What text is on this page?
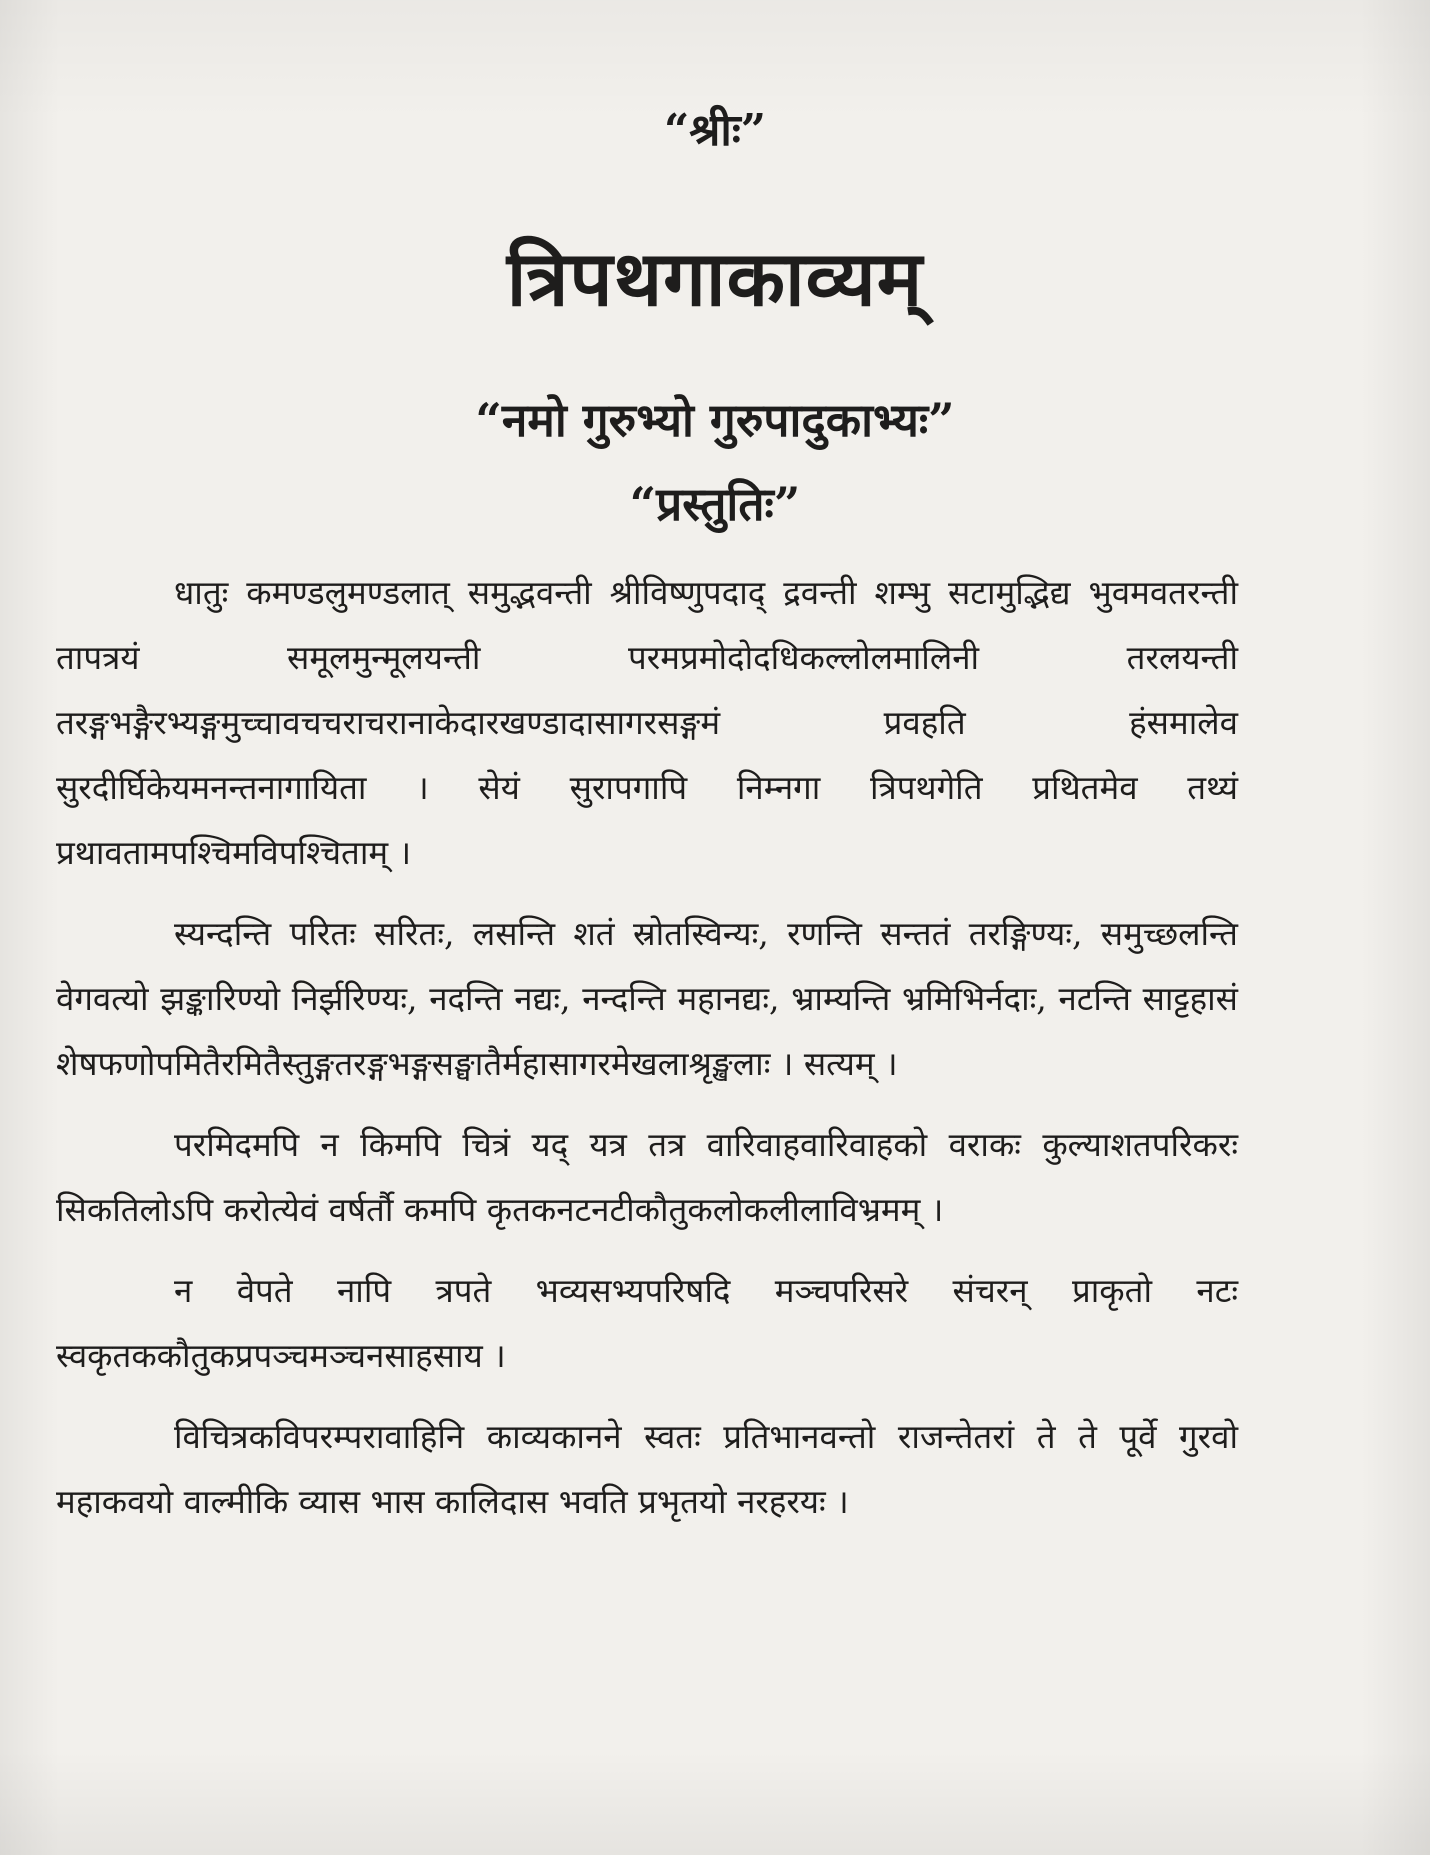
“श्रीः”
त्रिपथगाकाव्यम्
“नमो गुरुभ्यो गुरुपादुकाभ्यः”
“प्रस्तुतिः”

धातुः कमण्डलुमण्डलात् समुद्भवन्ती श्रीविष्णुपदाद् द्रवन्ती शम्भु सटामुद्भिद्य भुवमवतरन्ती तापत्रयं समूलमुन्मूलयन्ती परमप्रमोदोदधिकल्लोलमालिनी तरलयन्ती तरङ्गभङ्गैरभ्यङ्गमुच्चावचचराचरानाकेदारखण्डादासागरसङ्गमं प्रवहति हंसमालेव सुरदीर्घिकेयमनन्तनागायिता । सेयं सुरापगापि निम्नगा त्रिपथगेति प्रथितमेव तथ्यं प्रथावतामपश्चिमविपश्चिताम् ।

स्यन्दन्ति परितः सरितः, लसन्ति शतं स्रोतस्विन्यः, रणन्ति सन्ततं तरङ्गिण्यः, समुच्छलन्ति वेगवत्यो झङ्कारिण्यो निर्झरिण्यः, नदन्ति नद्यः, नन्दन्ति महानद्यः, भ्राम्यन्ति भ्रमिभिर्नदाः, नटन्ति साट्टहासं शेषफणोपमितैरमितैस्तुङ्गतरङ्गभङ्गसङ्घातैर्महासागरमेखलाश्रृङ्खलाः । सत्यम् ।

परमिदमपि न किमपि चित्रं यद् यत्र तत्र वारिवाहवारिवाहको वराकः कुल्याशतपरिकरः सिकतिलोऽपि करोत्येवं वर्षर्तौ कमपि कृतकनटनटीकौतुकलोकलीलाविभ्रमम् ।

न वेपते नापि त्रपते भव्यसभ्यपरिषदि मञ्चपरिसरे संचरन् प्राकृतो नटः स्वकृतककौतुकप्रपञ्चमञ्चनसाहसाय ।

विचित्रकविपरम्परावाहिनि काव्यकानने स्वतः प्रतिभानवन्तो राजन्तेतरां ते ते पूर्वे गुरवो महाकवयो वाल्मीकि व्यास भास कालिदास भवति प्रभृतयो नरहरयः ।
